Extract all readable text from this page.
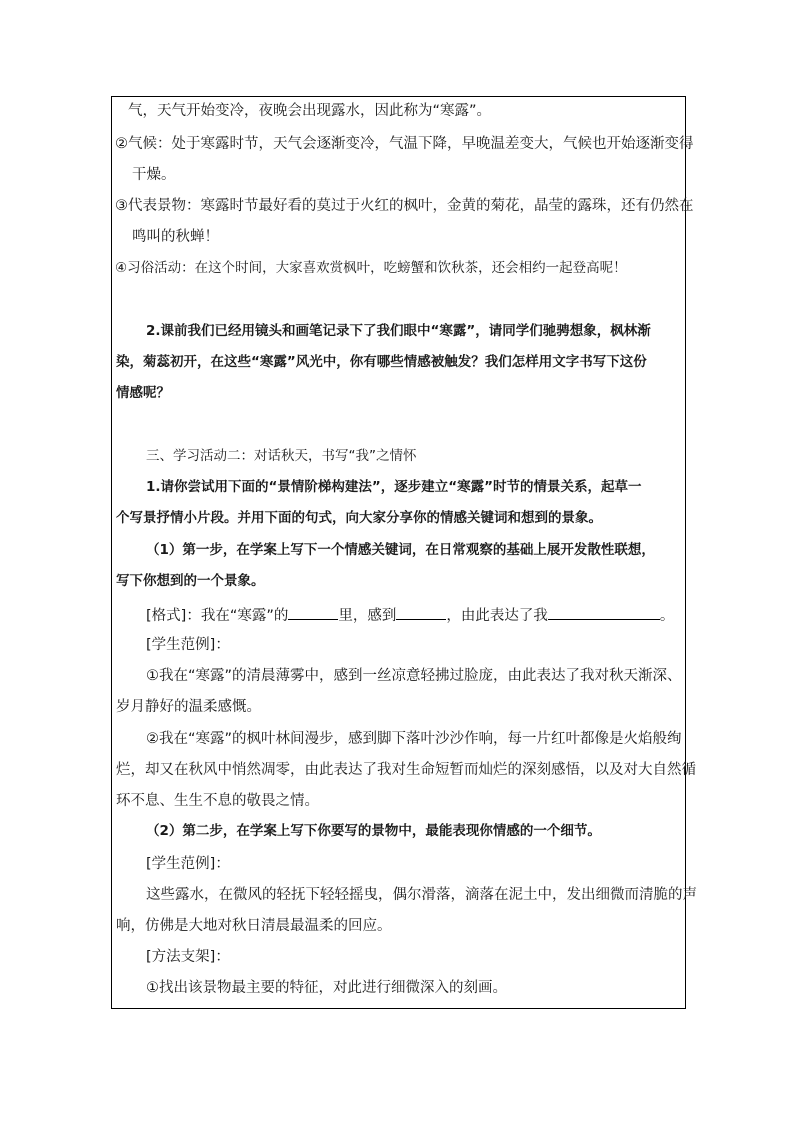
气，天气开始变冷，夜晚会出现露水，因此称为“寒露”。
②气候：处于寒露时节，天气会逐渐变冷，气温下降，早晚温差变大，气候也开始逐渐变得
干燥。
③代表景物：寒露时节最好看的莫过于火红的枫叶，金黄的菊花，晶莹的露珠，还有仍然在
鸣叫的秋蝉！
④习俗活动：在这个时间，大家喜欢赏枫叶，吃螃蟹和饮秋茶，还会相约一起登高呢！
2.课前我们已经用镜头和画笔记录下了我们眼中“寒露”，请同学们驰骋想象，枫林渐
染，菊蕊初开，在这些“寒露”风光中，你有哪些情感被触发？我们怎样用文字书写下这份
情感呢？
三、学习活动二：对话秋天，书写“我”之情怀
1.请你尝试用下面的“景情阶梯构建法”，逐步建立“寒露”时节的情景关系，起草一
个写景抒情小片段。并用下面的句式，向大家分享你的情感关键词和想到的景象。
（1）第一步，在学案上写下一个情感关键词，在日常观察的基础上展开发散性联想，
写下你想到的一个景象。
[格式]：我在“寒露”的	里，感到	，由此表达了我	。
[学生范例]：
①我在“寒露”的清晨薄雾中，感到一丝凉意轻拂过脸庞，由此表达了我对秋天渐深、
岁月静好的温柔感慨。
②我在“寒露”的枫叶林间漫步，感到脚下落叶沙沙作响，每一片红叶都像是火焰般绚
烂，却又在秋风中悄然凋零，由此表达了我对生命短暂而灿烂的深刻感悟，以及对大自然循
环不息、生生不息的敬畏之情。
（2）第二步，在学案上写下你要写的景物中，最能表现你情感的一个细节。
[学生范例]：
这些露水，在微风的轻抚下轻轻摇曳，偶尔滑落，滴落在泥土中，发出细微而清脆的声
响，仿佛是大地对秋日清晨最温柔的回应。
[方法支架]：
①找出该景物最主要的特征，对此进行细微深入的刻画。
